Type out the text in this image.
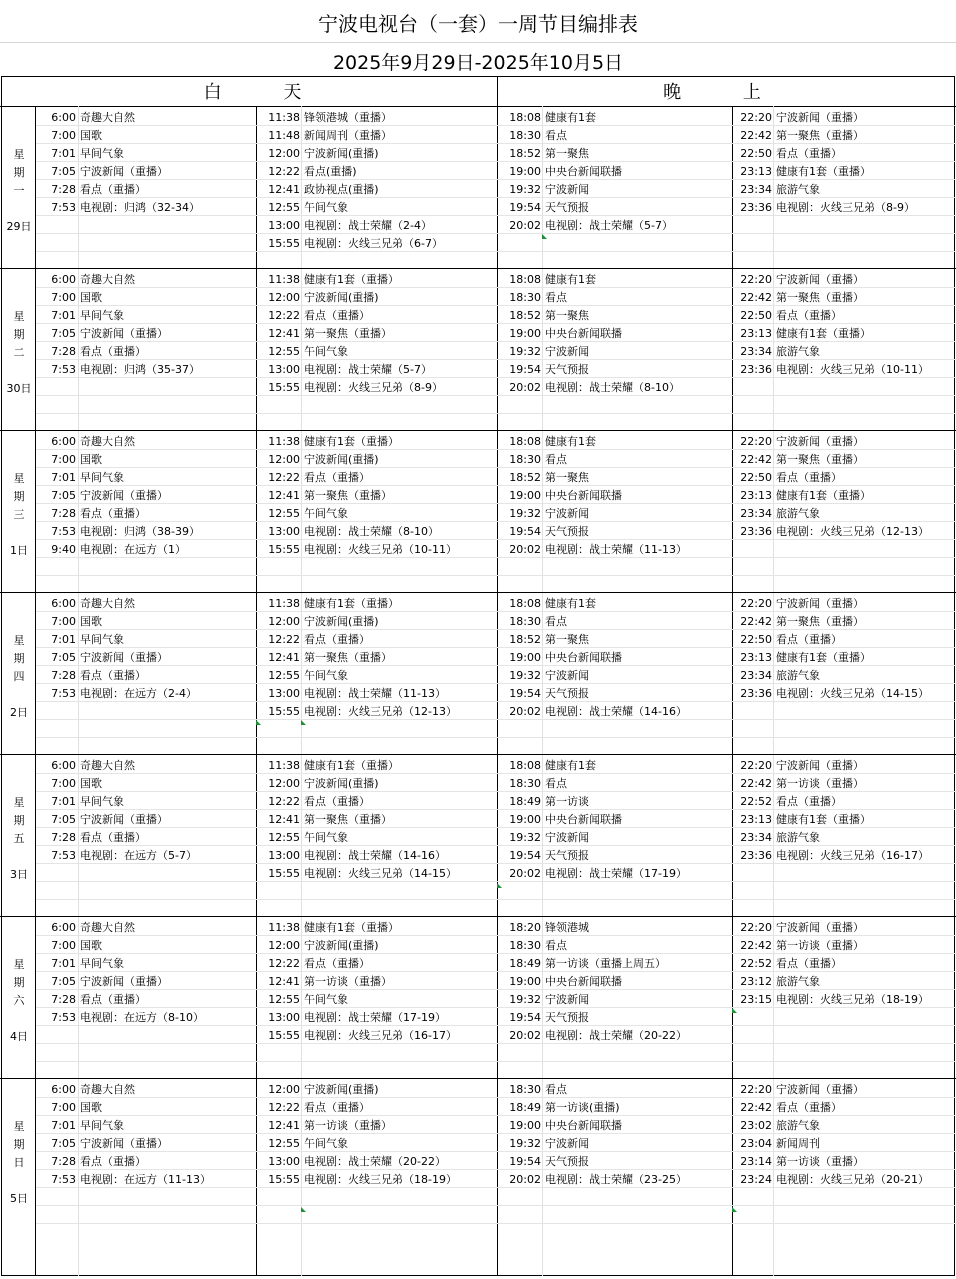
宁波电视台（一套）一周节目编排表
2025年9月29日-2025年10月5日
白 天	晚 上
星
期
一
29日
6:00 奇趣大自然
7:00 国歌
7:01 早间气象
7:05 宁波新闻（重播）
7:28 看点（重播）
7:53 电视剧：归鸿（32-34）
11:38 锋领港城（重播）
11:48 新闻周刊（重播）
12:00 宁波新闻(重播)
12:22 看点(重播)
12:41 政协视点(重播)
12:55 午间气象
13:00 电视剧：战士荣耀（2-4）
15:55 电视剧：火线三兄弟（6-7）
18:08 健康有1套
18:30 看点
18:52 第一聚焦
19:00 中央台新闻联播
19:32 宁波新闻
19:54 天气预报
20:02 电视剧：战士荣耀（5-7）
22:20 宁波新闻（重播）
22:42 第一聚焦（重播）
22:50 看点（重播）
23:13 健康有1套（重播）
23:34 旅游气象
23:36 电视剧：火线三兄弟（8-9）
星
期
二
30日
6:00 奇趣大自然
7:00 国歌
7:01 早间气象
7:05 宁波新闻（重播）
7:28 看点（重播）
7:53 电视剧：归鸿（35-37）
11:38 健康有1套（重播）
12:00 宁波新闻(重播)
12:22 看点（重播）
12:41 第一聚焦（重播）
12:55 午间气象
13:00 电视剧：战士荣耀（5-7）
15:55 电视剧：火线三兄弟（8-9）
18:08 健康有1套
18:30 看点
18:52 第一聚焦
19:00 中央台新闻联播
19:32 宁波新闻
19:54 天气预报
20:02 电视剧：战士荣耀（8-10）
22:20 宁波新闻（重播）
22:42 第一聚焦（重播）
22:50 看点（重播）
23:13 健康有1套（重播）
23:34 旅游气象
23:36 电视剧：火线三兄弟（10-11）
星
期
三
1日
6:00 奇趣大自然
7:00 国歌
7:01 早间气象
7:05 宁波新闻（重播）
7:28 看点（重播）
7:53 电视剧：归鸿（38-39）
9:40 电视剧：在远方（1）
11:38 健康有1套（重播）
12:00 宁波新闻(重播)
12:22 看点（重播）
12:41 第一聚焦（重播）
12:55 午间气象
13:00 电视剧：战士荣耀（8-10）
15:55 电视剧：火线三兄弟（10-11）
18:08 健康有1套
18:30 看点
18:52 第一聚焦
19:00 中央台新闻联播
19:32 宁波新闻
19:54 天气预报
20:02 电视剧：战士荣耀（11-13）
22:20 宁波新闻（重播）
22:42 第一聚焦（重播）
22:50 看点（重播）
23:13 健康有1套（重播）
23:34 旅游气象
23:36 电视剧：火线三兄弟（12-13）
星
期
四
2日
6:00 奇趣大自然
7:00 国歌
7:01 早间气象
7:05 宁波新闻（重播）
7:28 看点（重播）
7:53 电视剧：在远方（2-4）
11:38 健康有1套（重播）
12:00 宁波新闻(重播)
12:22 看点（重播）
12:41 第一聚焦（重播）
12:55 午间气象
13:00 电视剧：战士荣耀（11-13）
15:55 电视剧：火线三兄弟（12-13）
18:08 健康有1套
18:30 看点
18:52 第一聚焦
19:00 中央台新闻联播
19:32 宁波新闻
19:54 天气预报
20:02 电视剧：战士荣耀（14-16）
22:20 宁波新闻（重播）
22:42 第一聚焦（重播）
22:50 看点（重播）
23:13 健康有1套（重播）
23:34 旅游气象
23:36 电视剧：火线三兄弟（14-15）
星
期
五
3日
6:00 奇趣大自然
7:00 国歌
7:01 早间气象
7:05 宁波新闻（重播）
7:28 看点（重播）
7:53 电视剧：在远方（5-7）
11:38 健康有1套（重播）
12:00 宁波新闻(重播)
12:22 看点（重播）
12:41 第一聚焦（重播）
12:55 午间气象
13:00 电视剧：战士荣耀（14-16）
15:55 电视剧：火线三兄弟（14-15）
18:08 健康有1套
18:30 看点
18:49 第一访谈
19:00 中央台新闻联播
19:32 宁波新闻
19:54 天气预报
20:02 电视剧：战士荣耀（17-19）
22:20 宁波新闻（重播）
22:42 第一访谈（重播）
22:52 看点（重播）
23:13 健康有1套（重播）
23:34 旅游气象
23:36 电视剧：火线三兄弟（16-17）
星
期
六
4日
6:00 奇趣大自然
7:00 国歌
7:01 早间气象
7:05 宁波新闻（重播）
7:28 看点（重播）
7:53 电视剧：在远方（8-10）
11:38 健康有1套（重播）
12:00 宁波新闻(重播)
12:22 看点（重播）
12:41 第一访谈（重播）
12:55 午间气象
13:00 电视剧：战士荣耀（17-19）
15:55 电视剧：火线三兄弟（16-17）
18:20 锋领港城
18:30 看点
18:49 第一访谈（重播上周五）
19:00 中央台新闻联播
19:32 宁波新闻
19:54 天气预报
20:02 电视剧：战士荣耀（20-22）
22:20 宁波新闻（重播）
22:42 第一访谈（重播）
22:52 看点（重播）
23:12 旅游气象
23:15 电视剧：火线三兄弟（18-19）
星
期
日
5日
6:00 奇趣大自然
7:00 国歌
7:01 早间气象
7:05 宁波新闻（重播）
7:28 看点（重播）
7:53 电视剧：在远方（11-13）
12:00 宁波新闻(重播)
12:22 看点（重播）
12:41 第一访谈（重播）
12:55 午间气象
13:00 电视剧：战士荣耀（20-22）
15:55 电视剧：火线三兄弟（18-19）
18:30 看点
18:49 第一访谈(重播)
19:00 中央台新闻联播
19:32 宁波新闻
19:54 天气预报
20:02 电视剧：战士荣耀（23-25）
22:20 宁波新闻（重播）
22:42 看点（重播）
23:02 旅游气象
23:04 新闻周刊
23:14 第一访谈（重播）
23:24 电视剧：火线三兄弟（20-21）
